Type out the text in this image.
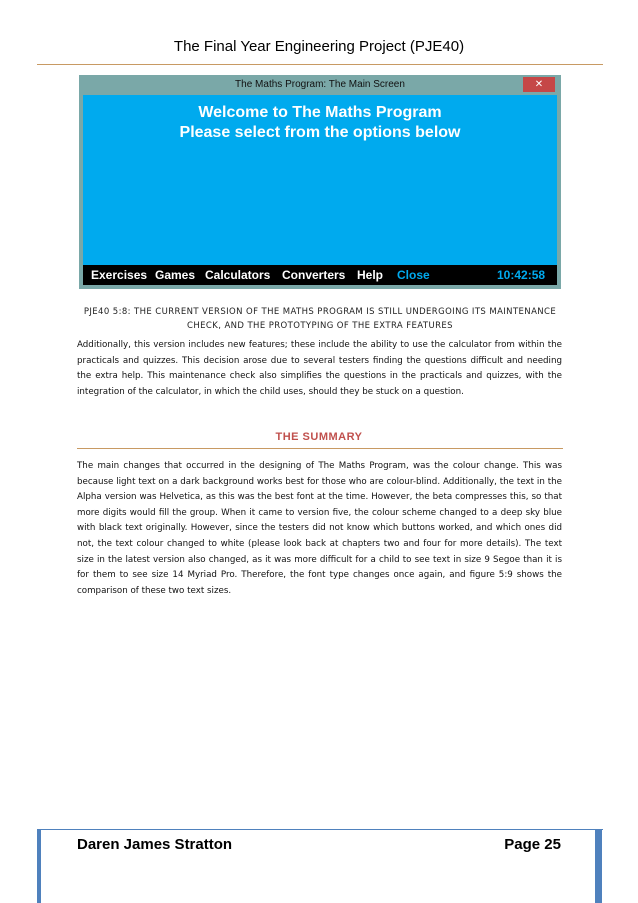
The Final Year Engineering Project (PJE40)
The Maths Program: The Main Screen	✕
Welcome to The Maths Program
Please select from the options below
Exercises Games Calculators Converters Help Close	10:42:58
PJE40 5:8: THE CURRENT VERSION OF THE MATHS PROGRAM IS STILL UNDERGOING ITS MAINTENANCE CHECK, AND THE PROTOTYPING OF THE EXTRA FEATURES

Additionally, this version includes new features; these include the ability to use the calculator from within the practicals and quizzes. This decision arose due to several testers finding the questions difficult and needing the extra help. This maintenance check also simplifies the questions in the practicals and quizzes, with the integration of the calculator, in which the child uses, should they be stuck on a question.

THE SUMMARY

The main changes that occurred in the designing of The Maths Program, was the colour change. This was because light text on a dark background works best for those who are colour-blind. Additionally, the text in the Alpha version was Helvetica, as this was the best font at the time. However, the beta compresses this, so that more digits would fill the group. When it came to version five, the colour scheme changed to a deep sky blue with black text originally. However, since the testers did not know which buttons worked, and which ones did not, the text colour changed to white (please look back at chapters two and four for more details). The text size in the latest version also changed, as it was more difficult for a child to see text in size 9 Segoe than it is for them to see size 14 Myriad Pro. Therefore, the font type changes once again, and figure 5:9 shows the comparison of these two text sizes.

Daren James Stratton	Page 25
